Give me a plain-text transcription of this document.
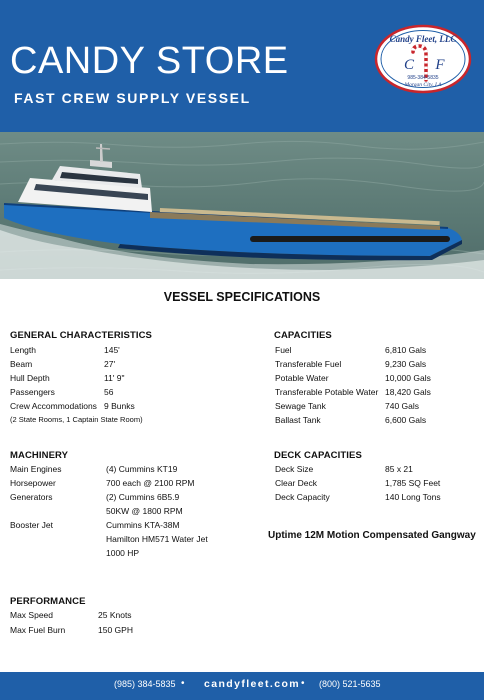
CANDY STORE
FAST CREW SUPPLY VESSEL
Candy Fleet, LLC
C F
985-384-5835
Morgan City, LA
VESSEL SPECIFICATIONS
GENERAL CHARACTERISTICS
Length	145'
Beam	27'
Hull Depth	11' 9"
Passengers	56
Crew Accommodations 9 Bunks
(2 State Rooms, 1 Captain State Room)
CAPACITIES
Fuel	6,810 Gals
Transferable Fuel	9,230 Gals
Potable Water	10,000 Gals
Transferable Potable Water 18,420 Gals
Sewage Tank	740 Gals
Ballast Tank	6,600 Gals
MACHINERY
Main Engines	(4) Cummins KT19
Horsepower	700 each @ 2100 RPM
Generators	(2) Cummins 6B5.9
50KW @ 1800 RPM
Booster Jet	Cummins KTA-38M
Hamilton HM571 Water Jet
1000 HP
DECK CAPACITIES
Deck Size	85 x 21
Clear Deck	1,785 SQ Feet
Deck Capacity	140 Long Tons
Uptime 12M Motion Compensated Gangway
PERFORMANCE
Max Speed	25 Knots
Max Fuel Burn	150 GPH
(985) 384-5835 • candyfleet.com • (800) 521-5635
